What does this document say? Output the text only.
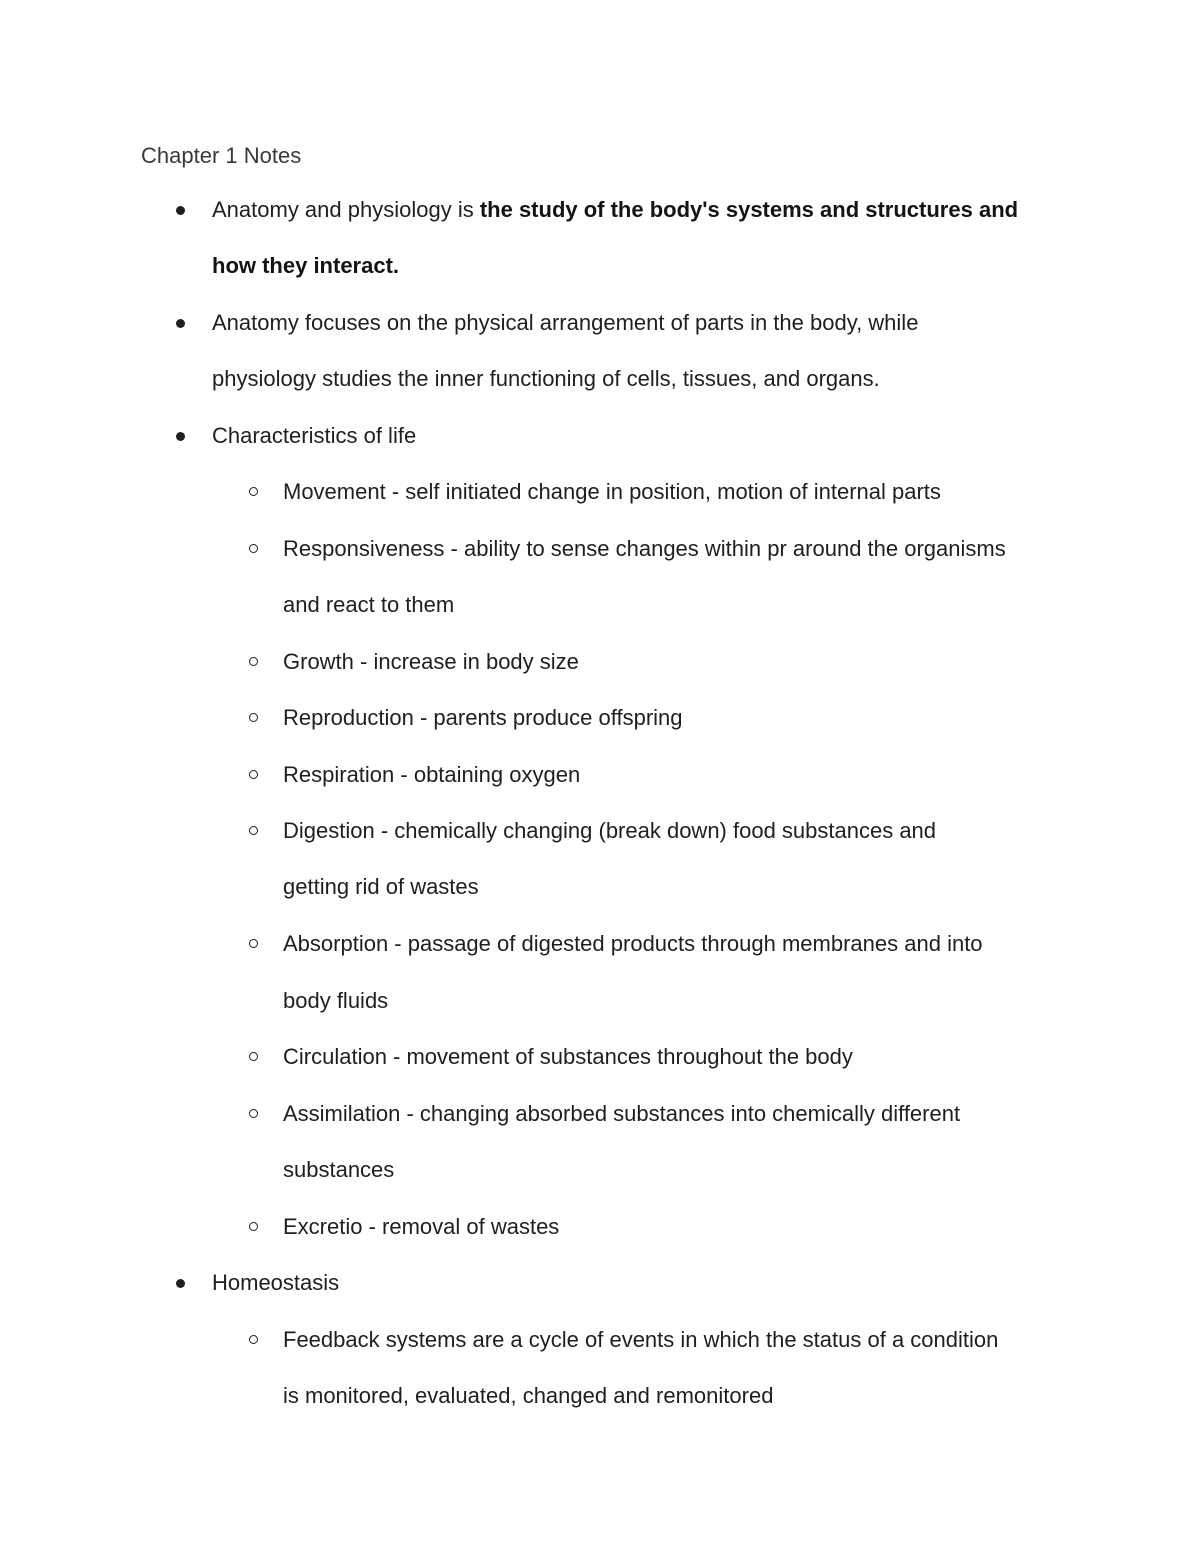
Chapter 1 Notes
Anatomy and physiology is the study of the body's systems and structures and
how they interact.
Anatomy focuses on the physical arrangement of parts in the body, while
physiology studies the inner functioning of cells, tissues, and organs.
Characteristics of life
Movement - self initiated change in position, motion of internal parts
Responsiveness - ability to sense changes within pr around the organisms
and react to them
Growth - increase in body size
Reproduction - parents produce offspring
Respiration - obtaining oxygen
Digestion - chemically changing (break down) food substances and
getting rid of wastes
Absorption - passage of digested products through membranes and into
body fluids
Circulation - movement of substances throughout the body
Assimilation - changing absorbed substances into chemically different
substances
Excretio - removal of wastes
Homeostasis
Feedback systems are a cycle of events in which the status of a condition
is monitored, evaluated, changed and remonitored
